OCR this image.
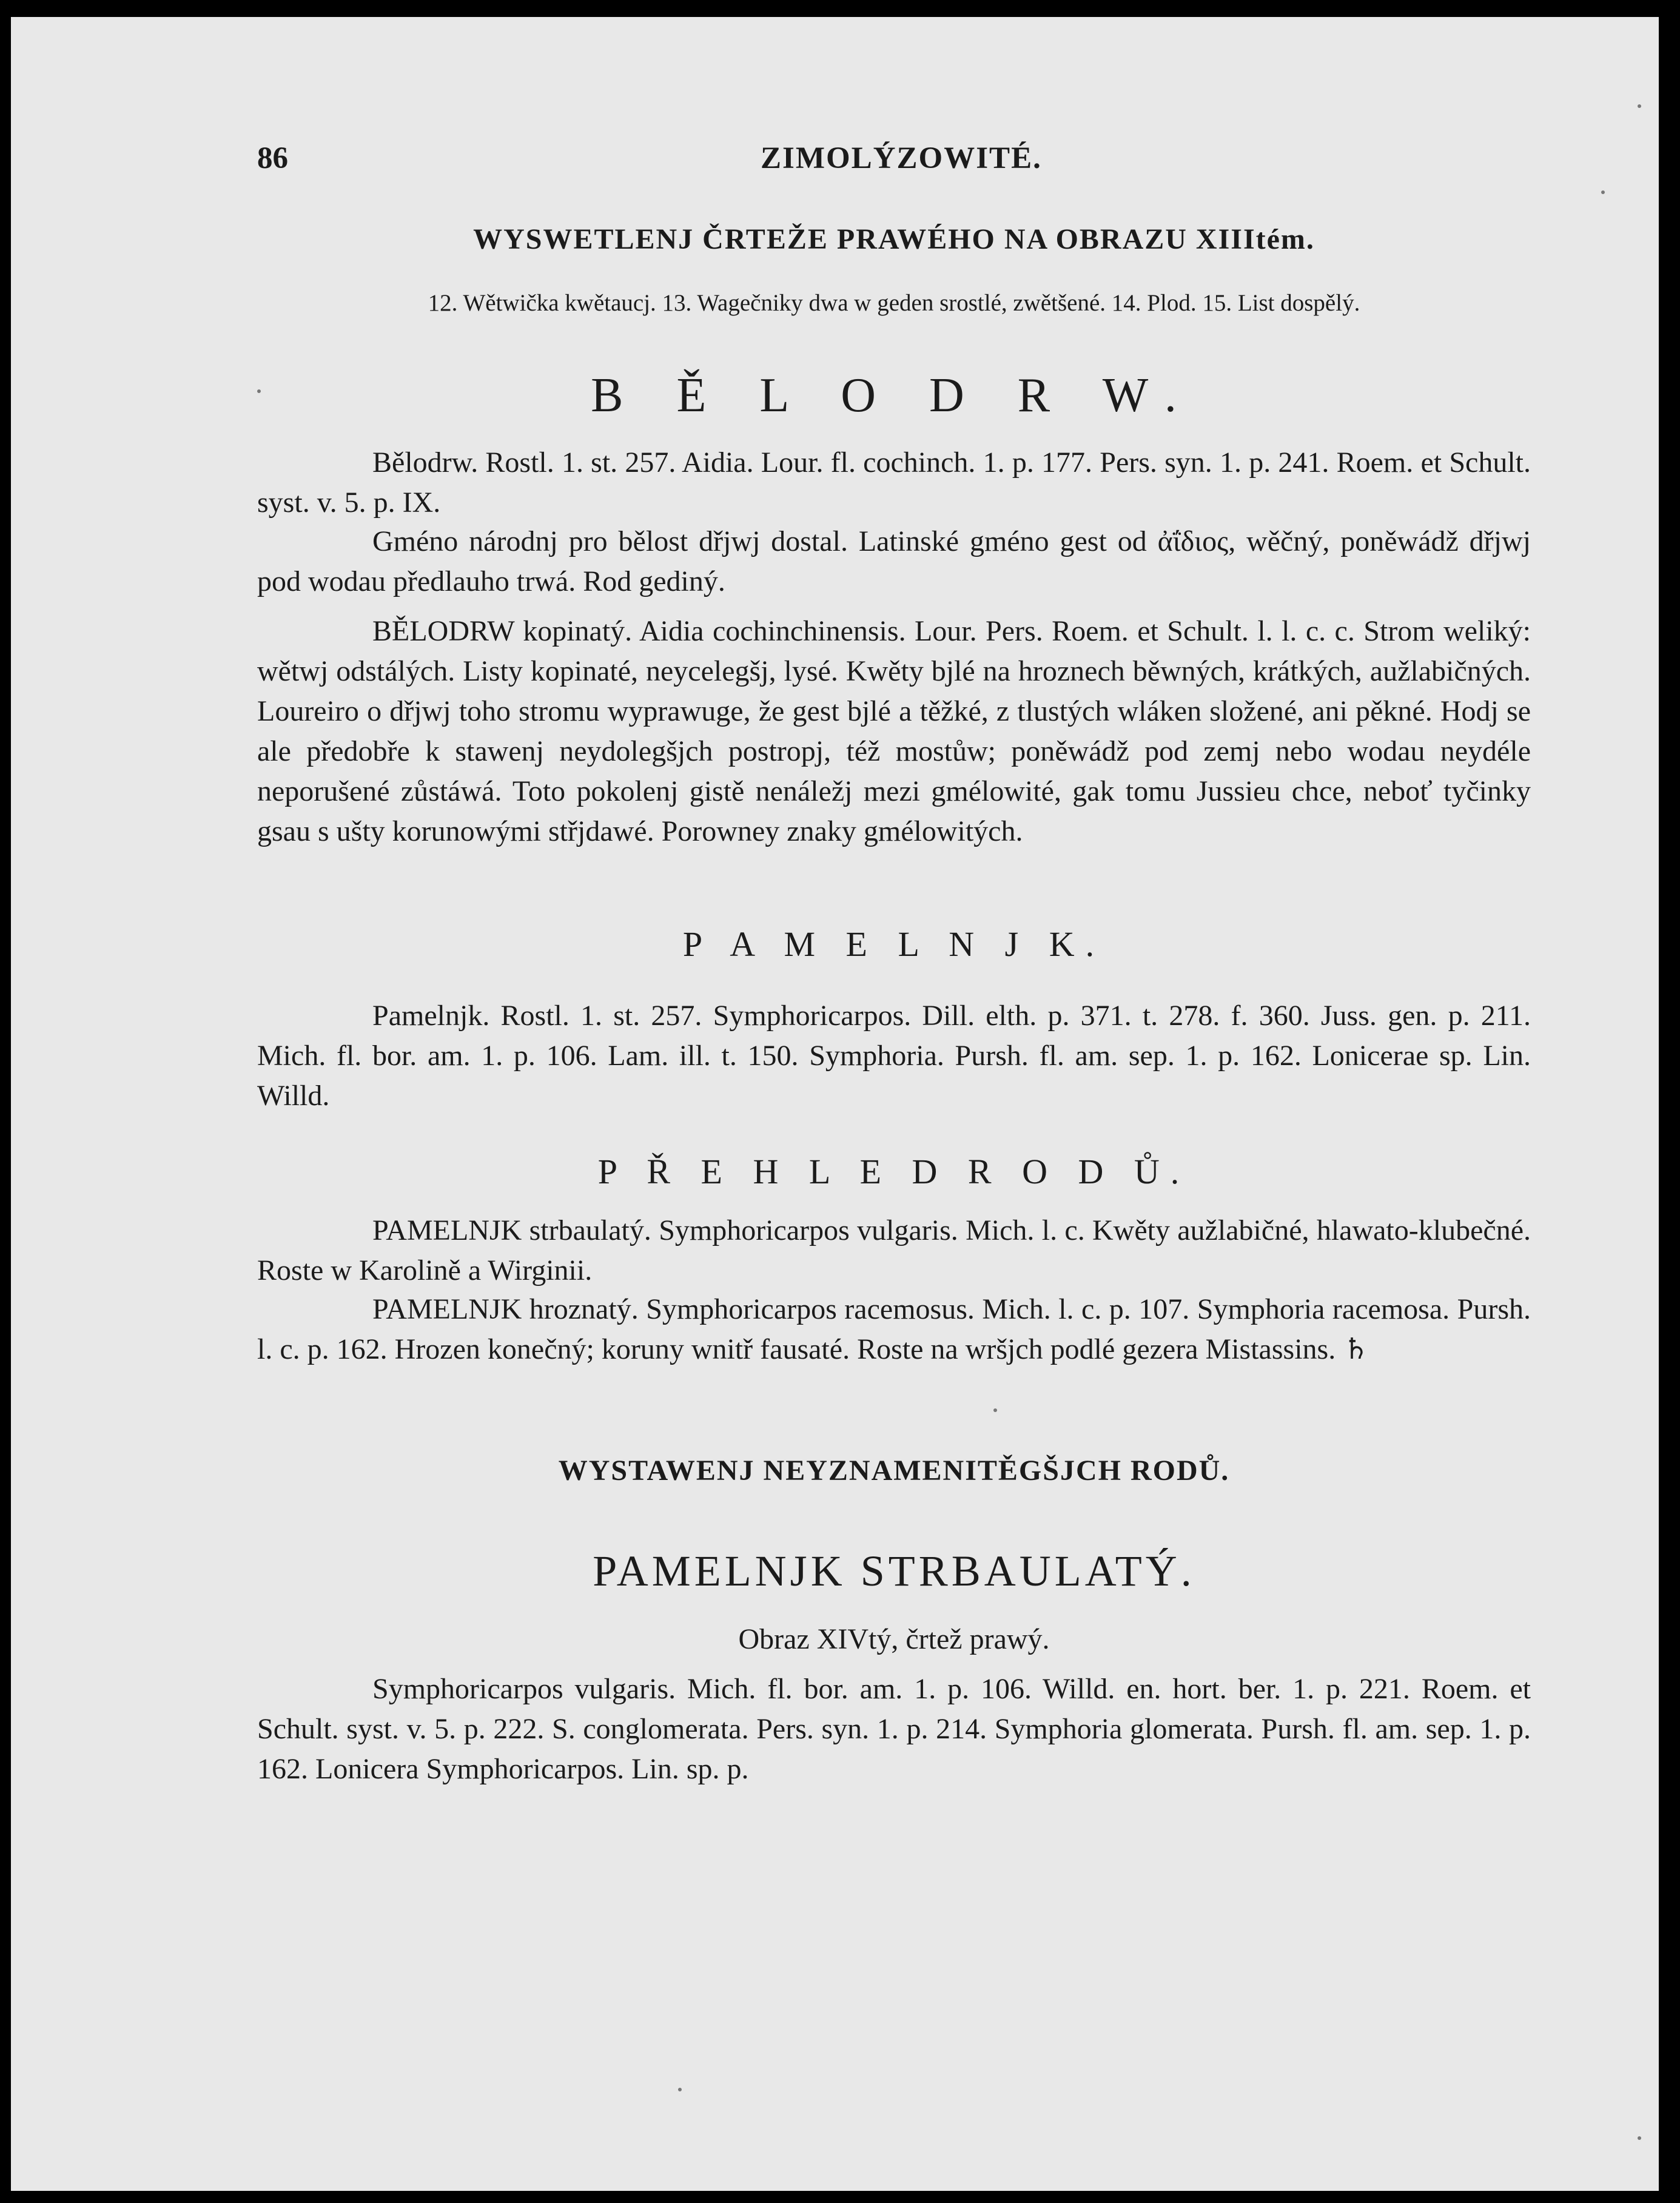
86	ZIMOLÝZOWITÉ.
WYSWETLENJ ČRTEŽE PRAWÉHO NA OBRAZU XIIItém.
12. Wětwička kwětaucj. 13. Wagečniky dwa w geden srostlé, zwětšené. 14. Plod. 15. List dospělý.
B Ě L O D R W.
Bělodrw. Rostl. 1. st. 257. Aidia. Lour. fl. cochinch. 1. p. 177. Pers. syn. 1. p. 241. Roem. et Schult. syst. v. 5. p. IX.
Gméno národnj pro bělost dřjwj dostal. Latinské gméno gest od ἀΐδιος, wěčný, poněwádž dřjwj pod wodau předlauho trwá. Rod gediný.
BĚLODRW kopinatý. Aidia cochinchinensis. Lour. Pers. Roem. et Schult. l. l. c. c. Strom weliký: wětwj odstálých. Listy kopinaté, neycelegšj, lysé. Kwěty bjlé na hroznech běwných, krátkých, aužlabičných. Loureiro o dřjwj toho stromu wyprawuge, že gest bjlé a těžké, z tlustých wláken složené, ani pěkné. Hodj se ale předobře k stawenj neydolegšjch postropj, též mostůw; poněwádž pod zemj nebo wodau neydéle neporušené zůstáwá. Toto pokolenj gistě nenáležj mezi gmélowité, gak tomu Jussieu chce, neboť tyčinky gsau s ušty korunowými střjdawé. Porowney znaky gmélowitých.
P A M E L N J K.
Pamelnjk. Rostl. 1. st. 257. Symphoricarpos. Dill. elth. p. 371. t. 278. f. 360. Juss. gen. p. 211. Mich. fl. bor. am. 1. p. 106. Lam. ill. t. 150. Symphoria. Pursh. fl. am. sep. 1. p. 162. Lonicerae sp. Lin. Willd.
P Ř E H L E D R O D Ů.
PAMELNJK strbaulatý. Symphoricarpos vulgaris. Mich. l. c. Kwěty aužlabičné, hlawato-klubečné. Roste w Karolině a Wirginii.
PAMELNJK hroznatý. Symphoricarpos racemosus. Mich. l. c. p. 107. Symphoria racemosa. Pursh. l. c. p. 162. Hrozen konečný; koruny wnitř fausaté. Roste na wršjch podlé gezera Mistassins. ♄
WYSTAWENJ NEYZNAMENITĚGŠJCH RODŮ.
PAMELNJK STRBAULATÝ.
Obraz XIVtý, črtež prawý.
Symphoricarpos vulgaris. Mich. fl. bor. am. 1. p. 106. Willd. en. hort. ber. 1. p. 221. Roem. et Schult. syst. v. 5. p. 222. S. conglomerata. Pers. syn. 1. p. 214. Symphoria glomerata. Pursh. fl. am. sep. 1. p. 162. Lonicera Symphoricarpos. Lin. sp. p.
